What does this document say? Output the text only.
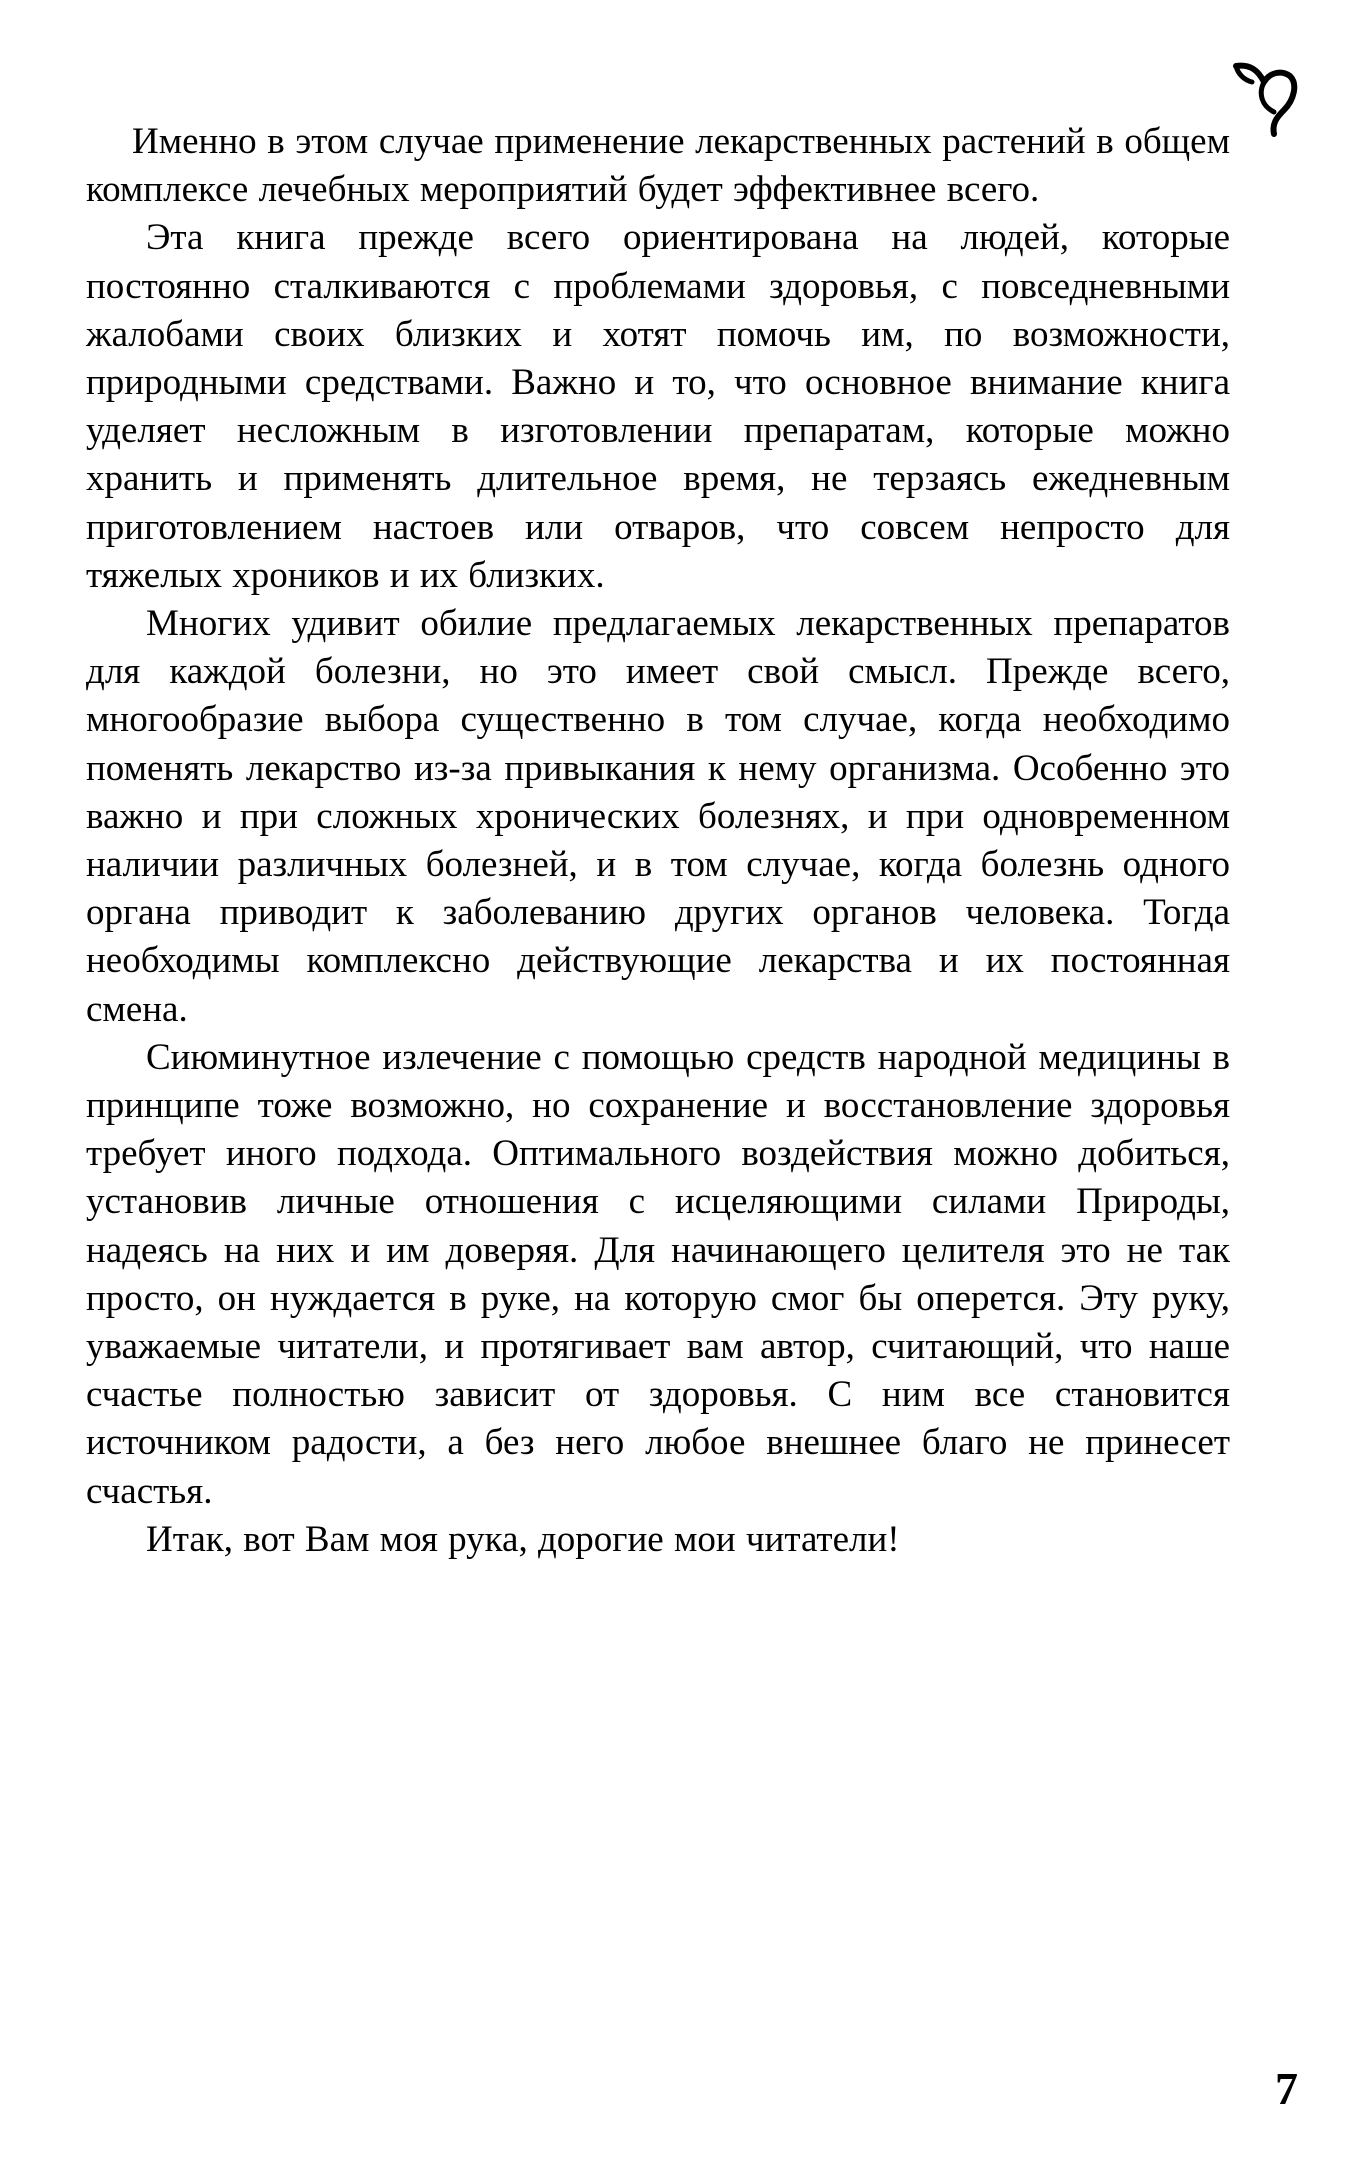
Именно в этом случае применение лекарственных растений в общем комплексе лечебных мероприятий будет эффективнее всего.

Эта книга прежде всего ориентирована на людей, которые постоянно сталкиваются с проблемами здоровья, с повседневными жалобами своих близких и хотят помочь им, по возможности, природными средствами. Важно и то, что основное внимание книга уделяет несложным в изготовлении препаратам, которые можно хранить и применять длительное время, не терзаясь ежедневным приготовлением настоев или отваров, что совсем непросто для тяжелых хроников и их близких.

Многих удивит обилие предлагаемых лекарственных препаратов для каждой болезни, но это имеет свой смысл. Прежде всего, многообразие выбора существенно в том случае, когда необходимо поменять лекарство из-за привыкания к нему организма. Особенно это важно и при сложных хронических болезнях, и при одновременном наличии различных болезней, и в том случае, когда болезнь одного органа приводит к заболеванию других органов человека. Тогда необходимы комплексно действующие лекарства и их постоянная смена.

Сиюминутное излечение с помощью средств народной медицины в принципе тоже возможно, но сохранение и восстановление здоровья требует иного подхода. Оптимального воздействия можно добиться, установив личные отношения с исцеляющими силами Природы, надеясь на них и им доверяя. Для начинающего целителя это не так просто, он нуждается в руке, на которую смог бы оперется. Эту руку, уважаемые читатели, и протягивает вам автор, считающий, что наше счастье полностью зависит от здоровья. С ним все становится источником радости, а без него любое внешнее благо не принесет счастья.

Итак, вот Вам моя рука, дорогие мои читатели!

7
